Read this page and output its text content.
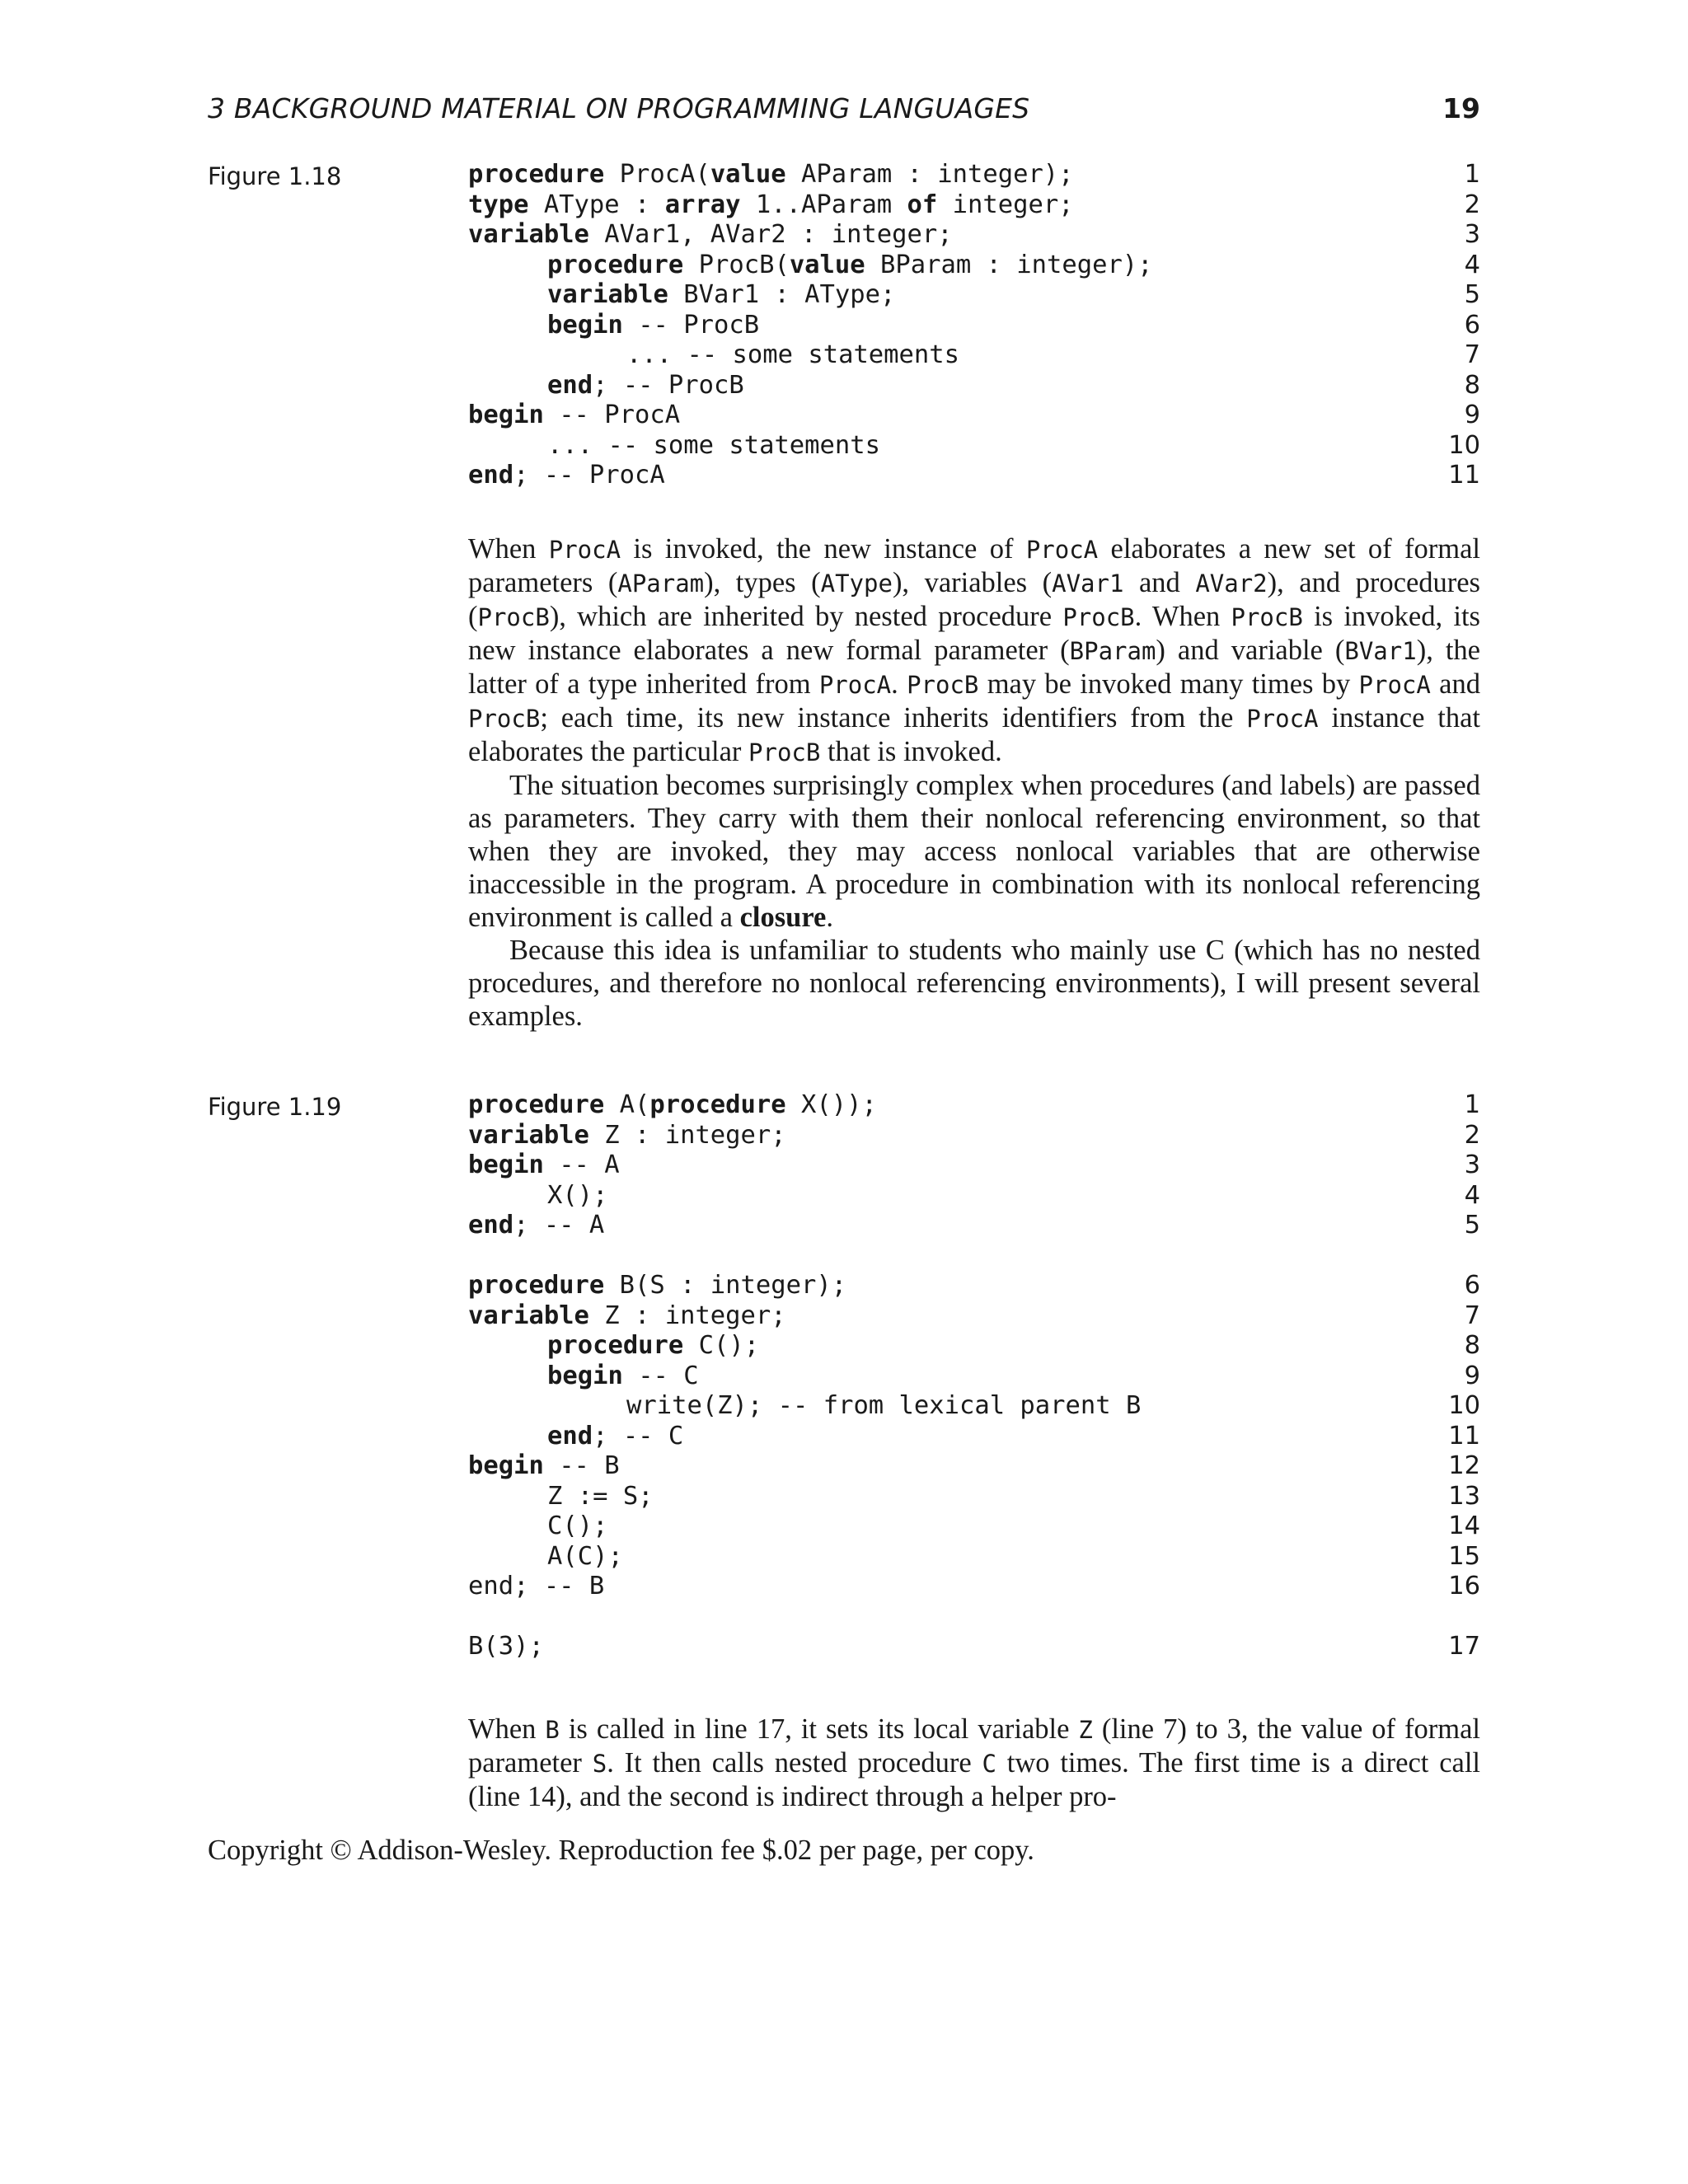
3 BACKGROUND MATERIAL ON PROGRAMMING LANGUAGES	19
Figure 1.18	procedure ProcA(value AParam : integer);	1
type AType : array 1..AParam of integer;	2
variable AVar1, AVar2 : integer;	3
procedure ProcB(value BParam : integer);	4
variable BVar1 : AType;	5
begin -- ProcB	6
... -- some statements	7
end; -- ProcB	8
begin -- ProcA	9
... -- some statements	10
end; -- ProcA	11

When ProcA is invoked, the new instance of ProcA elaborates a new set of formal parameters (AParam), types (AType), variables (AVar1 and AVar2), and procedures (ProcB), which are inherited by nested procedure ProcB. When ProcB is invoked, its new instance elaborates a new formal parameter (BParam) and variable (BVar1), the latter of a type inherited from ProcA. ProcB may be invoked many times by ProcA and ProcB; each time, its new instance inherits identifiers from the ProcA instance that elaborates the particular ProcB that is invoked.

The situation becomes surprisingly complex when procedures (and labels) are passed as parameters. They carry with them their nonlocal referencing environment, so that when they are invoked, they may access nonlocal variables that are otherwise inaccessible in the program. A procedure in combination with its nonlocal referencing environment is called a closure.

Because this idea is unfamiliar to students who mainly use C (which has no nested procedures, and therefore no nonlocal referencing environments), I will present several examples.

Figure 1.19	procedure A(procedure X());	1
variable Z : integer;	2
begin -- A	3
X();	4
end; -- A	5
procedure B(S : integer);	6
variable Z : integer;	7
procedure C();	8
begin -- C	9
write(Z); -- from lexical parent B	10
end; -- C	11
begin -- B	12
Z := S;	13
C();	14
A(C);	15
end; -- B	16
B(3);	17

When B is called in line 17, it sets its local variable Z (line 7) to 3, the value of formal parameter S. It then calls nested procedure C two times. The first time is a direct call (line 14), and the second is indirect through a helper pro-

Copyright © Addison-Wesley. Reproduction fee $.02 per page, per copy.
